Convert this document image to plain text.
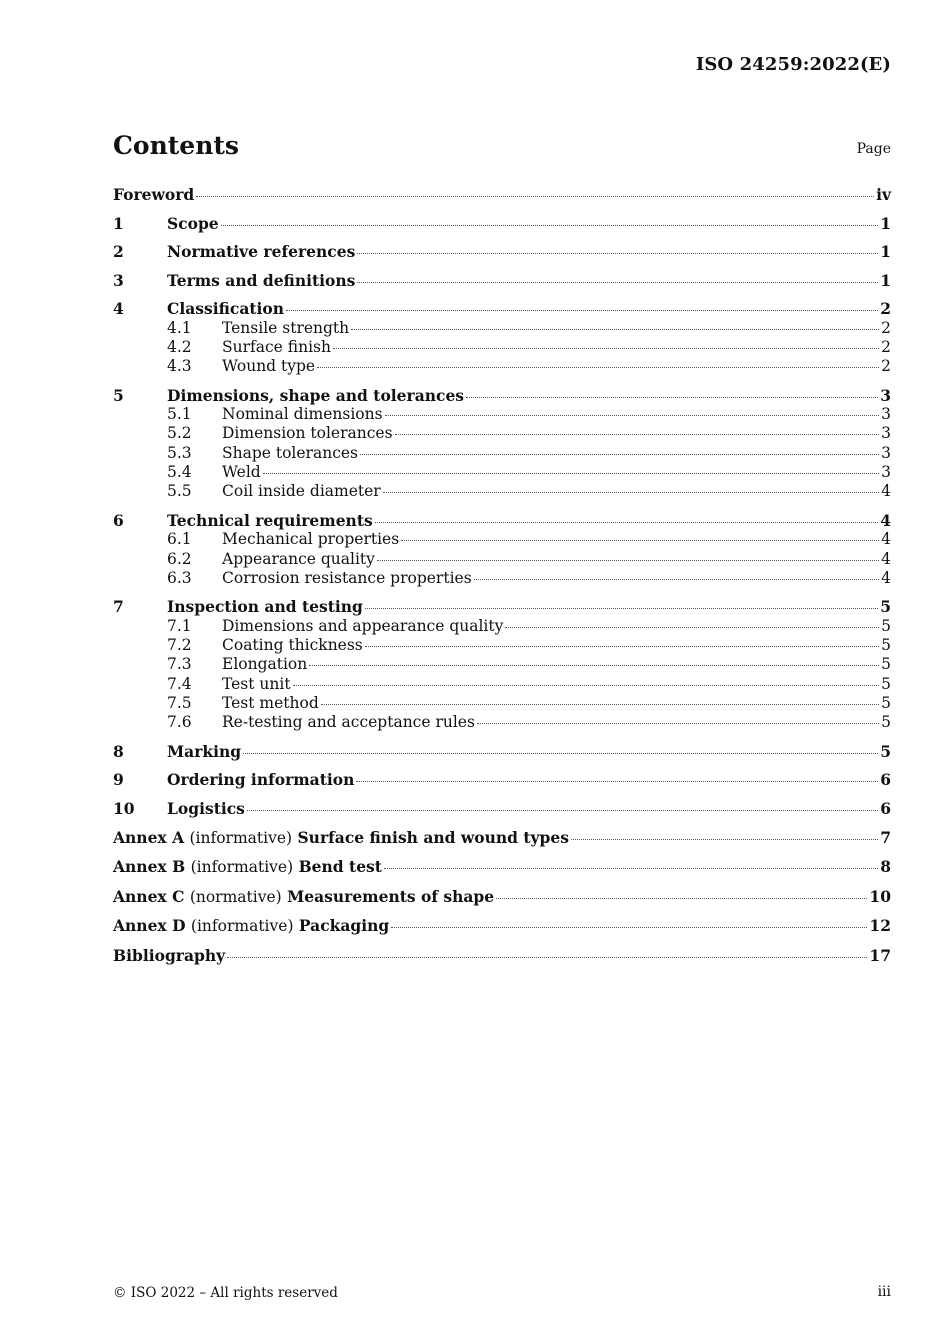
ISO 24259:2022(E)
Contents	Page
Foreword	iv
1	Scope	1
2	Normative references	1
3	Terms and definitions	1
4	Classification	2
4.1	Tensile strength	2
4.2	Surface finish	2
4.3	Wound type	2
5	Dimensions, shape and tolerances	3
5.1	Nominal dimensions	3
5.2	Dimension tolerances	3
5.3	Shape tolerances	3
5.4	Weld	3
5.5	Coil inside diameter	4
6	Technical requirements	4
6.1	Mechanical properties	4
6.2	Appearance quality	4
6.3	Corrosion resistance properties	4
7	Inspection and testing	5
7.1	Dimensions and appearance quality	5
7.2	Coating thickness	5
7.3	Elongation	5
7.4	Test unit	5
7.5	Test method	5
7.6	Re-testing and acceptance rules	5
8	Marking	5
9	Ordering information	6
10	Logistics	6
Annex A (informative) Surface finish and wound types	7
Annex B (informative) Bend test	8
Annex C (normative) Measurements of shape	10
Annex D (informative) Packaging	12
Bibliography	17
© ISO 2022 – All rights reserved	iii
